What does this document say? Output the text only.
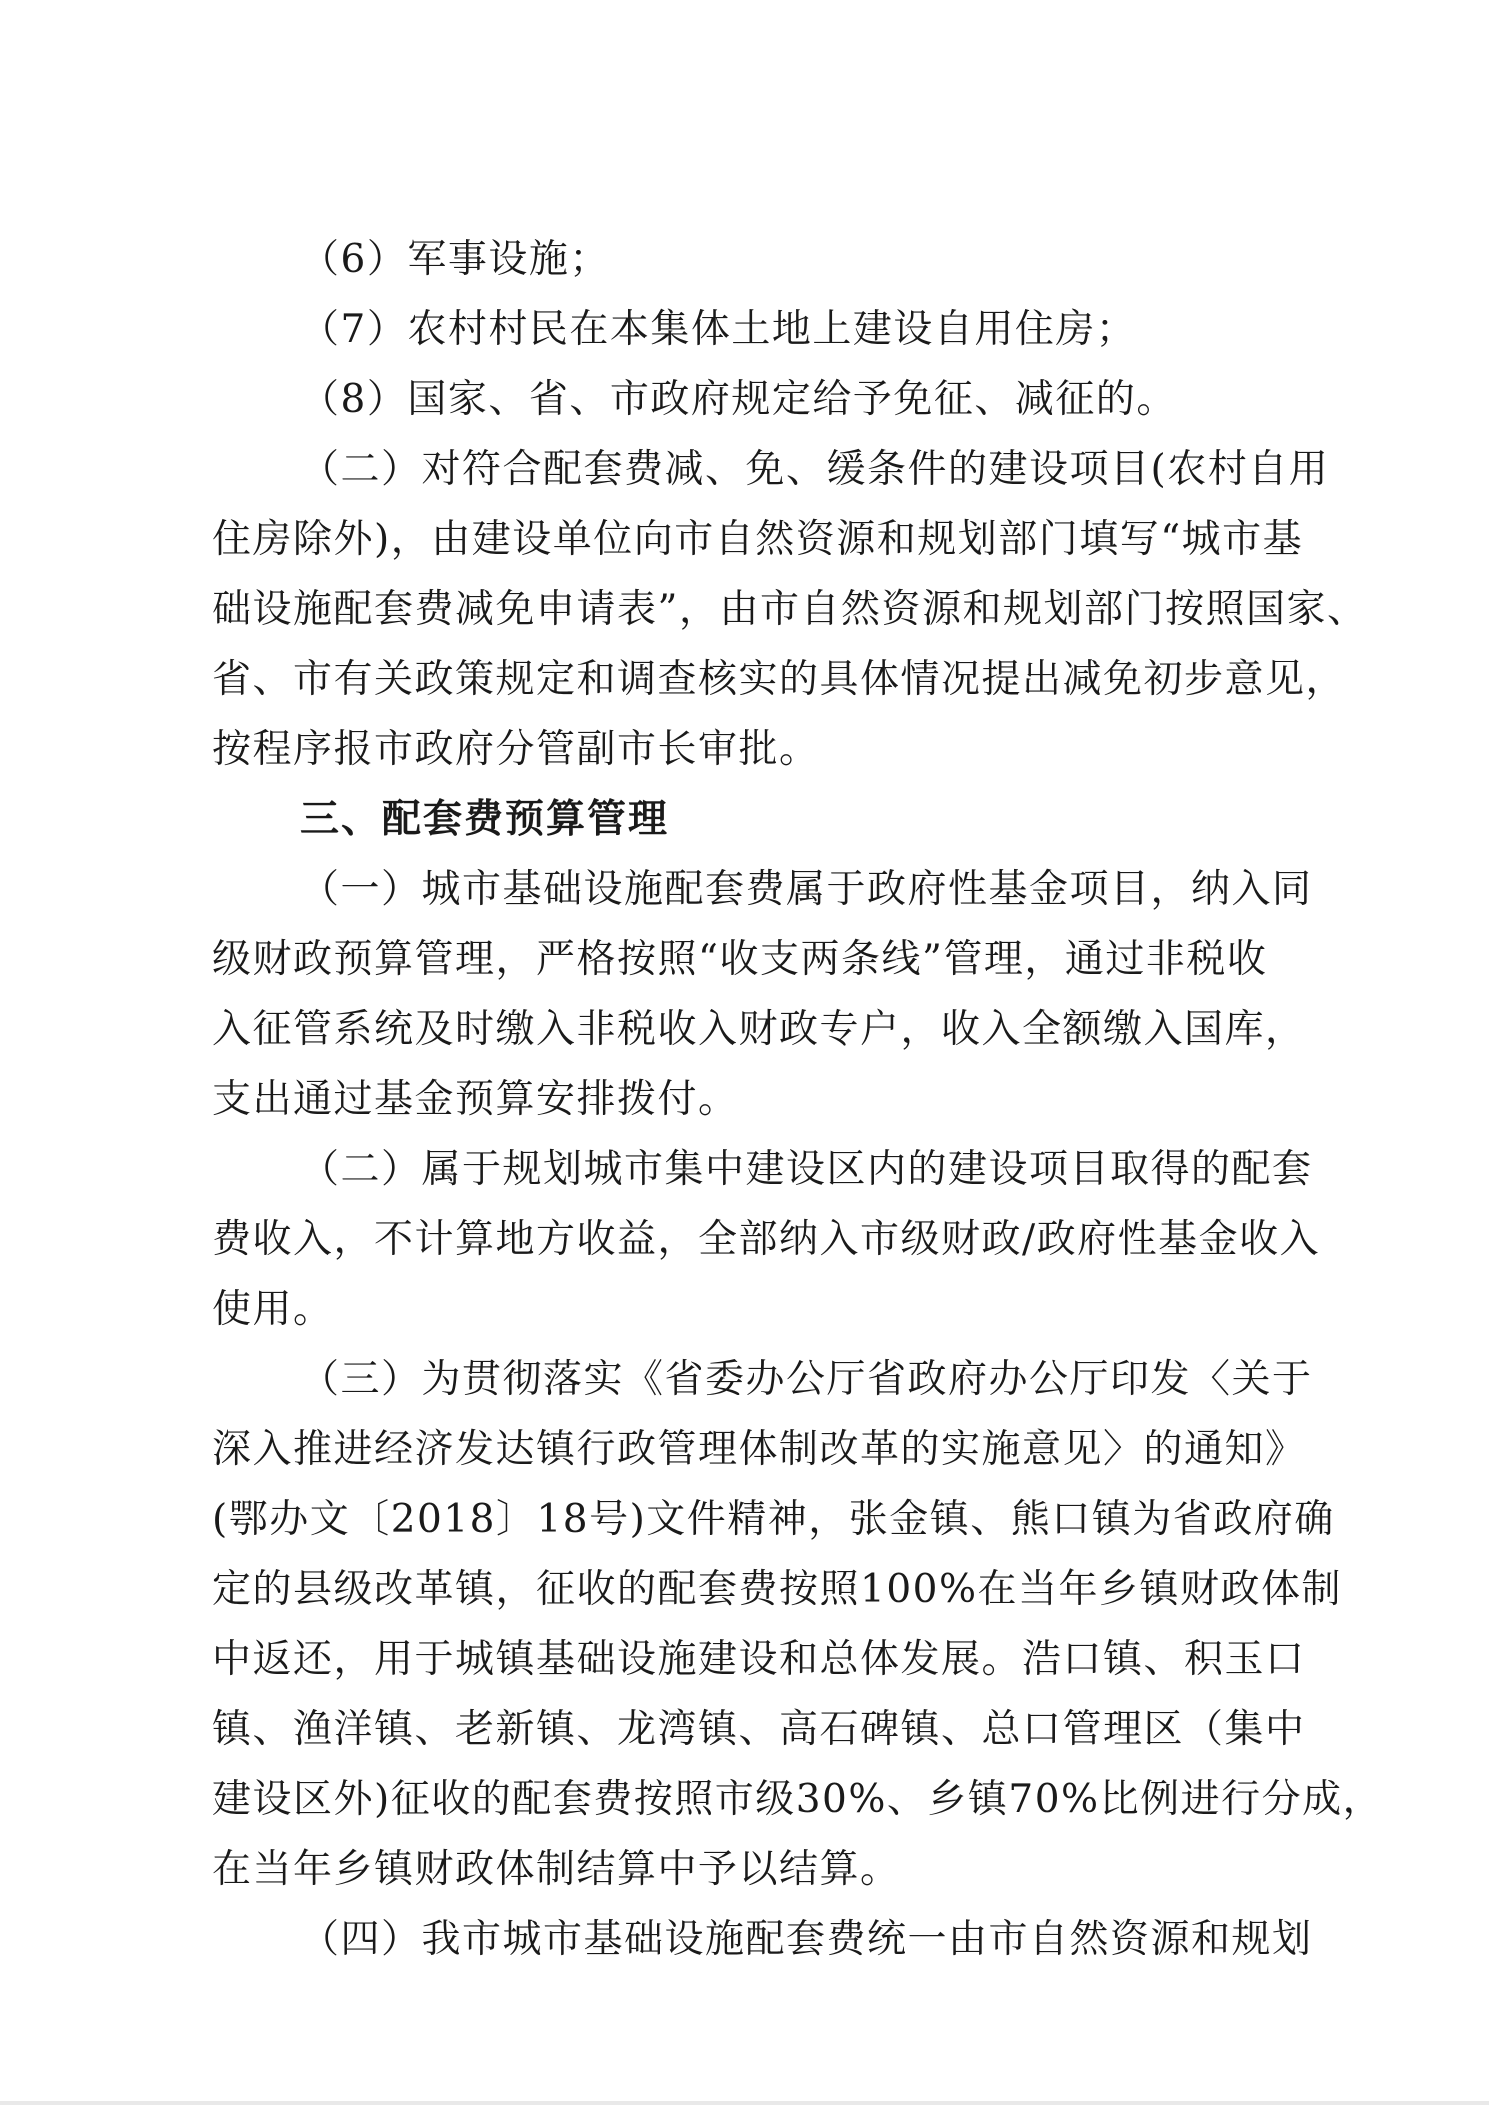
（6）军事设施；
（7）农村村民在本集体土地上建设自用住房；
（8）国家、省、市政府规定给予免征、减征的。
（二）对符合配套费减、免、缓条件的建设项目(农村自用
住房除外)，由建设单位向市自然资源和规划部门填写“城市基
础设施配套费减免申请表”，由市自然资源和规划部门按照国家、
省、市有关政策规定和调查核实的具体情况提出减免初步意见，
按程序报市政府分管副市长审批。
三、配套费预算管理
（一）城市基础设施配套费属于政府性基金项目，纳入同
级财政预算管理，严格按照“收支两条线”管理，通过非税收
入征管系统及时缴入非税收入财政专户，收入全额缴入国库，
支出通过基金预算安排拨付。
（二）属于规划城市集中建设区内的建设项目取得的配套
费收入，不计算地方收益，全部纳入市级财政/政府性基金收入
使用。
（三）为贯彻落实《省委办公厅省政府办公厅印发〈关于
深入推进经济发达镇行政管理体制改革的实施意见〉的通知》
(鄂办文〔2018〕18号)文件精神，张金镇、熊口镇为省政府确
定的县级改革镇，征收的配套费按照100%在当年乡镇财政体制
中返还，用于城镇基础设施建设和总体发展。浩口镇、积玉口
镇、渔洋镇、老新镇、龙湾镇、高石碑镇、总口管理区（集中
建设区外)征收的配套费按照市级30%、乡镇70%比例进行分成，
在当年乡镇财政体制结算中予以结算。
（四）我市城市基础设施配套费统一由市自然资源和规划
